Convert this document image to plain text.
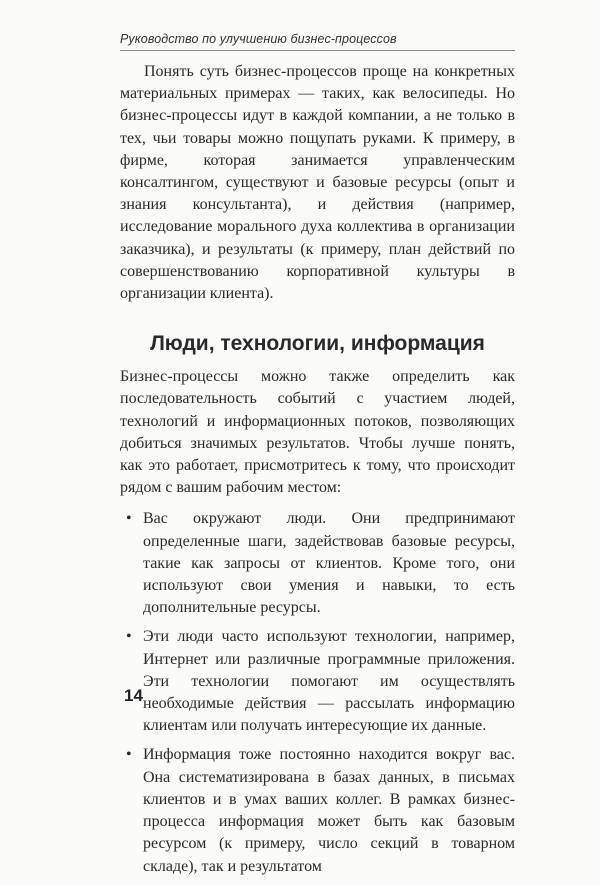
Руководство по улучшению бизнес-процессов

Понять суть бизнес-процессов проще на конкретных материальных примерах — таких, как велосипеды. Но бизнес-процессы идут в каждой компании, а не только в тех, чьи товары можно пощупать руками. К примеру, в фирме, которая занимается управленческим консалтингом, существуют и базовые ресурсы (опыт и знания консультанта), и действия (например, исследование морального духа коллектива в организации заказчика), и результаты (к примеру, план действий по совершенствованию корпоративной культуры в организации клиента).

Люди, технологии, информация

Бизнес-процессы можно также определить как последовательность событий с участием людей, технологий и информационных потоков, позволяющих добиться значимых результатов. Чтобы лучше понять, как это работает, присмотритесь к тому, что происходит рядом с вашим рабочим местом:

• Вас окружают люди. Они предпринимают определенные шаги, задействовав базовые ресурсы, такие как запросы от клиентов. Кроме того, они используют свои умения и навыки, то есть дополнительные ресурсы.
• Эти люди часто используют технологии, например, Интернет или различные программные приложения. Эти технологии помогают им осуществлять необходимые действия — рассылать информацию клиентам или получать интересующие их данные.
• Информация тоже постоянно находится вокруг вас. Она систематизирована в базах данных, в письмах клиентов и в умах ваших коллег. В рамках бизнес-процесса информация может быть как базовым ресурсом (к примеру, число секций в товарном складе), так и результатом
14
